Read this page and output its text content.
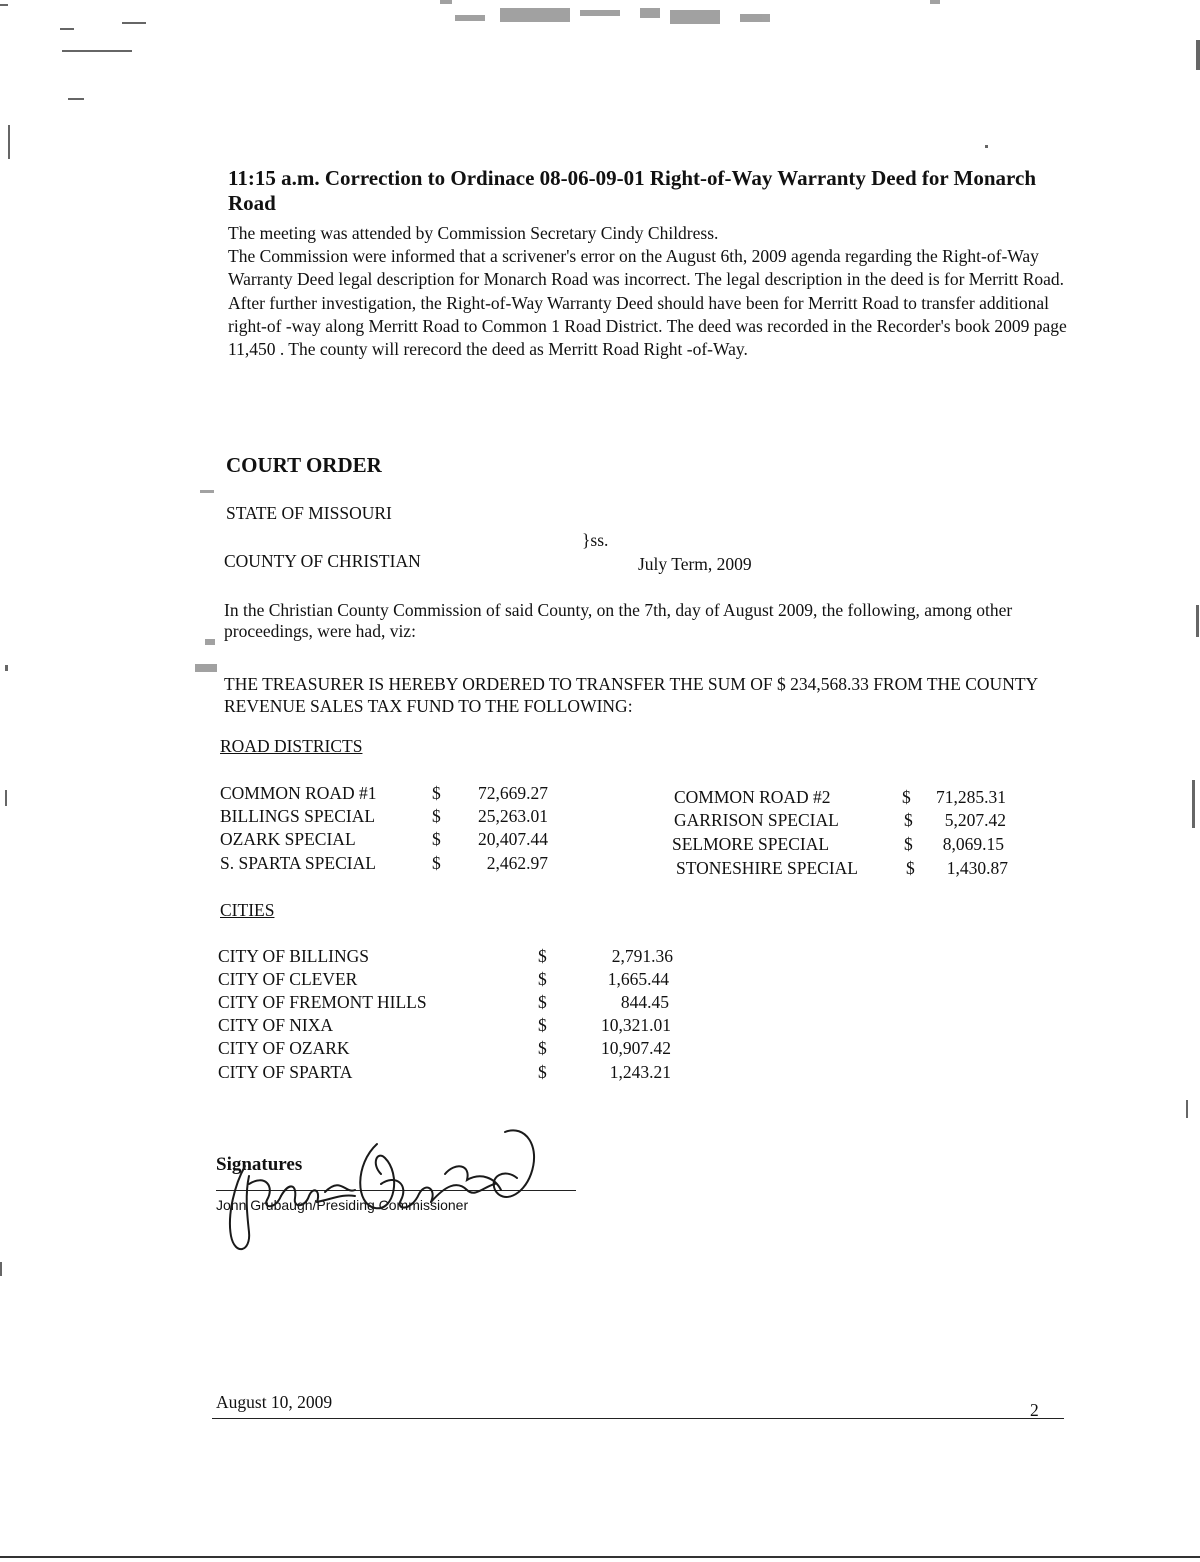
11:15 a.m. Correction to Ordinace 08-06-09-01 Right-of-Way Warranty Deed for Monarch Road

The meeting was attended by Commission Secretary Cindy Childress.

The Commission were informed that a scrivener's error on the August 6th, 2009 agenda regarding the Right-of-Way Warranty Deed legal description for Monarch Road was incorrect. The legal description in the deed is for Merritt Road. After further investigation, the Right-of-Way Warranty Deed should have been for Merritt Road to transfer additional right-of -way along Merritt Road to Common 1 Road District. The deed was recorded in the Recorder's book 2009 page 11,450 . The county will rerecord the deed as Merritt Road Right -of-Way.

COURT ORDER
STATE OF MISSOURI
}ss.
COUNTY OF CHRISTIAN	July Term, 2009
In the Christian County Commission of said County, on the 7th, day of August 2009, the following, among other proceedings, were had, viz:
THE TREASURER IS HEREBY ORDERED TO TRANSFER THE SUM OF $ 234,568.33 FROM THE COUNTY REVENUE SALES TAX FUND TO THE FOLLOWING:
ROAD DISTRICTS
COMMON ROAD #1	$ 72,669.27
BILLINGS SPECIAL	$ 25,263.01
OZARK SPECIAL	$ 20,407.44
S. SPARTA SPECIAL	$	2,462.97
COMMON ROAD #2	$ 71,285.31
GARRISON SPECIAL	$ 5,207.42
SELMORE SPECIAL	$ 8,069.15
STONESHIRE SPECIAL	$ 1,430.87
CITIES
CITY OF BILLINGS	$	2,791.36
CITY OF CLEVER	$	1,665.44
CITY OF FREMONT HILLS	$	844.45
CITY OF NIXA	$	10,321.01
CITY OF OZARK	$	10,907.42
CITY OF SPARTA	$	1,243.21
Signatures
John Grubaugh/Presiding Commissioner
August 10, 2009	2
